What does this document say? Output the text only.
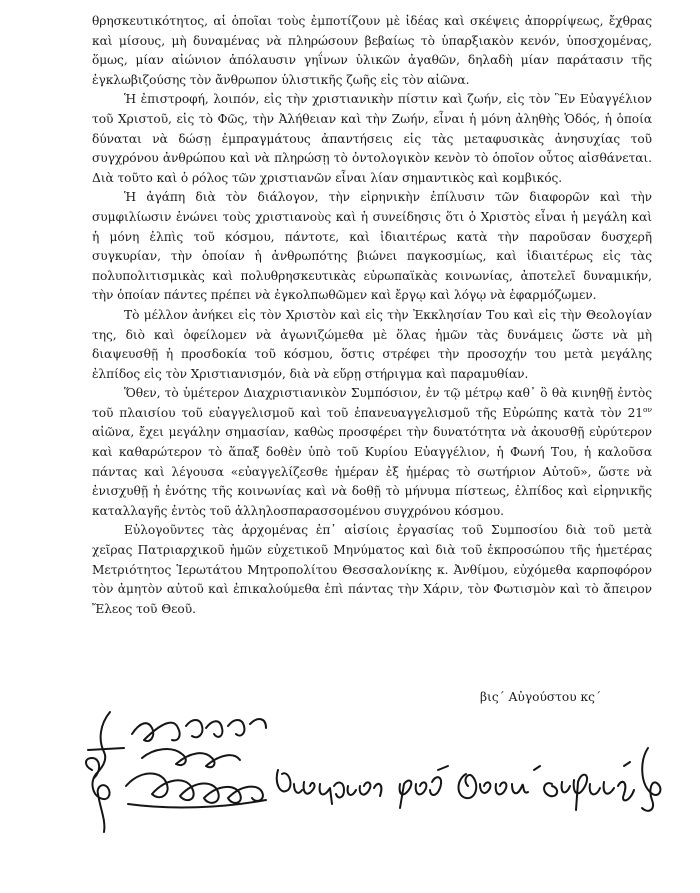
θρησκευτικότητος, αἱ ὁποῖαι τοὺς ἐμποτίζουν μὲ ἰδέας καὶ σκέψεις ἀπορρίψεως, ἔχθρας καὶ μίσους, μὴ δυναμένας νὰ πληρώσουν βεβαίως τὸ ὑπαρξιακὸν κενόν, ὑποσχομένας, ὅμως, μίαν αἰώνιον ἀπόλαυσιν γηΐνων ὑλικῶν ἀγαθῶν, δηλαδὴ μίαν παράτασιν τῆς ἐγκλωβιζούσης τὸν ἄνθρωπον ὑλιστικῆς ζωῆς εἰς τὸν αἰῶνα.

Ἡ ἐπιστροφή, λοιπόν, εἰς τὴν χριστιανικὴν πίστιν καὶ ζωήν, εἰς τὸν Ἓν Εὐαγγέλιον τοῦ Χριστοῦ, εἰς τὸ Φῶς, τὴν Ἀλήθειαν καὶ τὴν Ζωήν, εἶναι ἡ μόνη ἀληθὴς Ὁδός, ἡ ὁποία δύναται νὰ δώσῃ ἐμπραγμάτους ἀπαντήσεις εἰς τὰς μεταφυσικὰς ἀνησυχίας τοῦ συγχρόνου ἀνθρώπου καὶ νὰ πληρώσῃ τὸ ὀντολογικὸν κενὸν τὸ ὁποῖον οὗτος αἰσθάνεται. Διὰ τοῦτο καὶ ὁ ρόλος τῶν χριστιανῶν εἶναι λίαν σημαντικὸς καὶ κομβικός.

Ἡ ἀγάπη διὰ τὸν διάλογον, τὴν εἰρηνικὴν ἐπίλυσιν τῶν διαφορῶν καὶ τὴν συμφιλίωσιν ἑνώνει τοὺς χριστιανοὺς καὶ ἡ συνείδησις ὅτι ὁ Χριστὸς εἶναι ἡ μεγάλη καὶ ἡ μόνη ἐλπὶς τοῦ κόσμου, πάντοτε, καὶ ἰδιαιτέρως κατὰ τὴν παροῦσαν δυσχερῆ συγκυρίαν, τὴν ὁποίαν ἡ ἀνθρωπότης βιώνει παγκοσμίως, καὶ ἰδιαιτέρως εἰς τὰς πολυπολιτισμικὰς καὶ πολυθρησκευτικὰς εὐρωπαϊκὰς κοινωνίας, ἀποτελεῖ δυναμικήν, τὴν ὁποίαν πάντες πρέπει νὰ ἐγκολπωθῶμεν καὶ ἔργῳ καὶ λόγῳ νὰ ἐφαρμόζωμεν.

Τὸ μέλλον ἀνήκει εἰς τὸν Χριστὸν καὶ εἰς τὴν Ἐκκλησίαν Του καὶ εἰς τὴν Θεολογίαν της, διὸ καὶ ὀφείλομεν νὰ ἀγωνιζώμεθα μὲ ὅλας ἡμῶν τὰς δυνάμεις ὥστε νὰ μὴ διαψευσθῇ ἡ προσδοκία τοῦ κόσμου, ὅστις στρέφει τὴν προσοχήν του μετὰ μεγάλης ἐλπίδος εἰς τὸν Χριστιανισμόν, διὰ νὰ εὕρῃ στήριγμα καὶ παραμυθίαν.

Ὅθεν, τὸ ὑμέτερον Διαχριστιανικὸν Συμπόσιον, ἐν τῷ μέτρῳ καθ᾽ ὃ θὰ κινηθῇ ἐντὸς τοῦ πλαισίου τοῦ εὐαγγελισμοῦ καὶ τοῦ ἐπανευαγγελισμοῦ τῆς Εὐρώπης κατὰ τὸν $21^{o\nu}$ αἰῶνα, ἔχει μεγάλην σημασίαν, καθὼς προσφέρει τὴν δυνατότητα νὰ ἀκουσθῇ εὐρύτερον καὶ καθαρώτερον τὸ ἅπαξ δοθὲν ὑπὸ τοῦ Κυρίου Εὐαγγέλιον, ἡ Φωνή Του, ἡ καλοῦσα πάντας καὶ λέγουσα «εὐαγγελίζεσθε ἡμέραν ἐξ ἡμέρας τὸ σωτήριον Αὐτοῦ», ὥστε νὰ ἐνισχυθῇ ἡ ἑνότης τῆς κοινωνίας καὶ νὰ δοθῇ τὸ μήνυμα πίστεως, ἐλπίδος καὶ εἰρηνικῆς καταλλαγῆς ἐντὸς τοῦ ἀλληλοσπαρασσομένου συγχρόνου κόσμου.

Εὐλογοῦντες τὰς ἀρχομένας ἐπ᾽ αἰσίοις ἐργασίας τοῦ Συμποσίου διὰ τοῦ μετὰ χεῖρας Πατριαρχικοῦ ἡμῶν εὐχετικοῦ Μηνύματος καὶ διὰ τοῦ ἐκπροσώπου τῆς ἡμετέρας Μετριότητος Ἱερωτάτου Μητροπολίτου Θεσσαλονίκης κ. Ἀνθίμου, εὐχόμεθα καρποφόρον τὸν ἀμητὸν αὐτοῦ καὶ ἐπικαλούμεθα ἐπὶ πάντας τὴν Χάριν, τὸν Φωτισμὸν καὶ τὸ ἄπειρον Ἔλεος τοῦ Θεοῦ.

βις´ Αὐγούστου κς´
